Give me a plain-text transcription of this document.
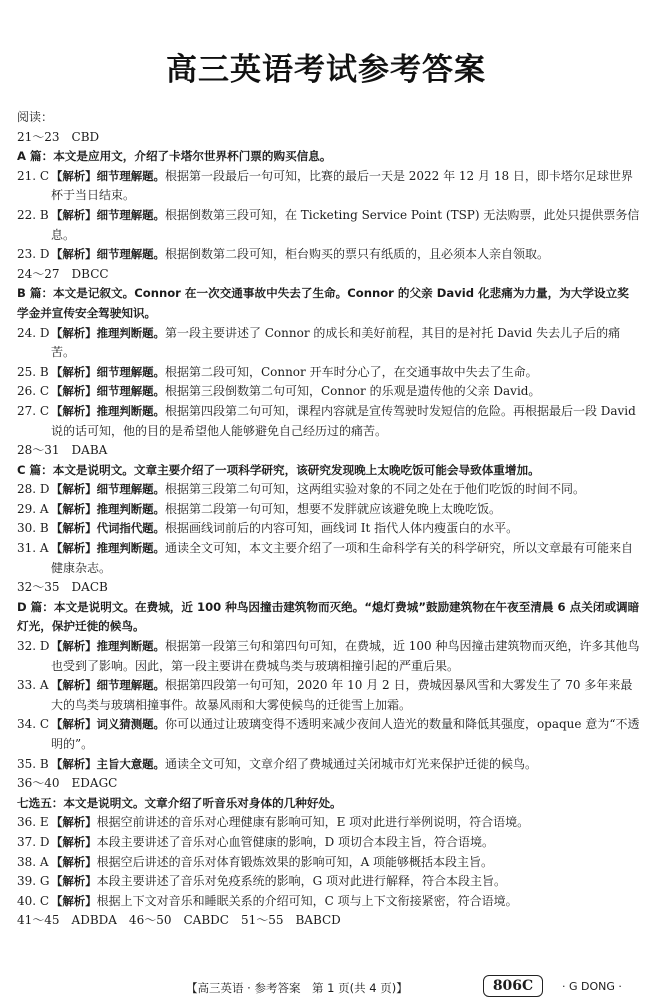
高三英语考试参考答案
阅读：
21～23　CBD
A 篇：本文是应用文，介绍了卡塔尔世界杯门票的购买信息。
21. C 【解析】细节理解题。根据第一段最后一句可知，比赛的最后一天是 2022 年 12 月 18 日，即卡塔尔足球世界杯于当日结束。
22. B 【解析】细节理解题。根据倒数第三段可知，在 Ticketing Service Point (TSP) 无法购票，此处只提供票务信息。
23. D 【解析】细节理解题。根据倒数第二段可知，柜台购买的票只有纸质的，且必须本人亲自领取。
24～27　DBCC
B 篇：本文是记叙文。Connor 在一次交通事故中失去了生命。Connor 的父亲 David 化悲痛为力量，为大学设立奖学金并宣传安全驾驶知识。
24. D 【解析】推理判断题。第一段主要讲述了 Connor 的成长和美好前程，其目的是衬托 David 失去儿子后的痛苦。
25. B 【解析】细节理解题。根据第二段可知，Connor 开车时分心了，在交通事故中失去了生命。
26. C 【解析】细节理解题。根据第三段倒数第二句可知，Connor 的乐观是遗传他的父亲 David。
27. C 【解析】推理判断题。根据第四段第二句可知，课程内容就是宣传驾驶时发短信的危险。再根据最后一段 David 说的话可知，他的目的是希望他人能够避免自己经历过的痛苦。
28～31　DABA
C 篇：本文是说明文。文章主要介绍了一项科学研究，该研究发现晚上太晚吃饭可能会导致体重增加。
28. D 【解析】细节理解题。根据第三段第二句可知，这两组实验对象的不同之处在于他们吃饭的时间不同。
29. A 【解析】推理判断题。根据第二段第一句可知，想要不发胖就应该避免晚上太晚吃饭。
30. B 【解析】代词指代题。根据画线词前后的内容可知，画线词 It 指代人体内瘦蛋白的水平。
31. A 【解析】推理判断题。通读全文可知，本文主要介绍了一项和生命科学有关的科学研究，所以文章最有可能来自健康杂志。
32～35　DACB
D 篇：本文是说明文。在费城，近 100 种鸟因撞击建筑物而灭绝。“熄灯费城”鼓励建筑物在午夜至清晨 6 点关闭或调暗灯光，保护迁徙的候鸟。
32. D 【解析】推理判断题。根据第一段第三句和第四句可知，在费城，近 100 种鸟因撞击建筑物而灭绝，许多其他鸟也受到了影响。因此，第一段主要讲在费城鸟类与玻璃相撞引起的严重后果。
33. A 【解析】细节理解题。根据第四段第一句可知，2020 年 10 月 2 日，费城因暴风雪和大雾发生了 70 多年来最大的鸟类与玻璃相撞事件。故暴风雨和大雾使候鸟的迁徙雪上加霜。
34. C 【解析】词义猜测题。你可以通过让玻璃变得不透明来减少夜间人造光的数量和降低其强度，opaque 意为“不透明的”。
35. B 【解析】主旨大意题。通读全文可知，文章介绍了费城通过关闭城市灯光来保护迁徙的候鸟。
36～40　EDAGC
七选五：本文是说明文。文章介绍了听音乐对身体的几种好处。
36. E 【解析】根据空前讲述的音乐对心理健康有影响可知，E 项对此进行举例说明，符合语境。
37. D 【解析】本段主要讲述了音乐对心血管健康的影响，D 项切合本段主旨，符合语境。
38. A 【解析】根据空后讲述的音乐对体育锻炼效果的影响可知，A 项能够概括本段主旨。
39. G 【解析】本段主要讲述了音乐对免疫系统的影响，G 项对此进行解释，符合本段主旨。
40. C 【解析】根据上下文对音乐和睡眠关系的介绍可知，C 项与上下文衔接紧密，符合语境。
41～45　ADBDA　46～50　CABDC　51～55　BABCD
【高三英语 · 参考答案　第 1 页(共 4 页)】	806C	· G DONG ·
